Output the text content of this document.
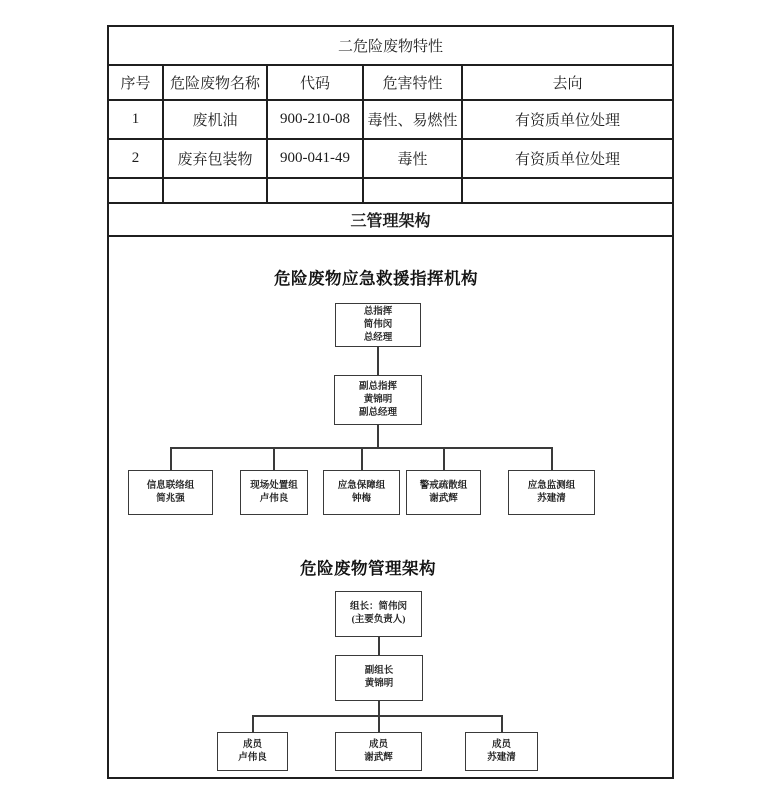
二危险废物特性				
序号	危险废物名称	代码	危害特性	去向
1	废机油	900-210-08	毒性、易燃性	有资质单位处理
2	废弃包装物	900-041-49	毒性	有资质单位处理

三管理架构				

危险废物应急救援指挥机构
总指挥
简伟闵
总经理
副总指挥
黄锦明
副总经理
信息联络组
简兆强
现场处置组
卢伟良
应急保障组
钟梅
警戒疏散组
谢武辉
应急监测组
苏建清
危险废物管理架构
组长：简伟闵
(主要负责人)
副组长
黄锦明
成员
卢伟良
成员
谢武辉
成员
苏建清
